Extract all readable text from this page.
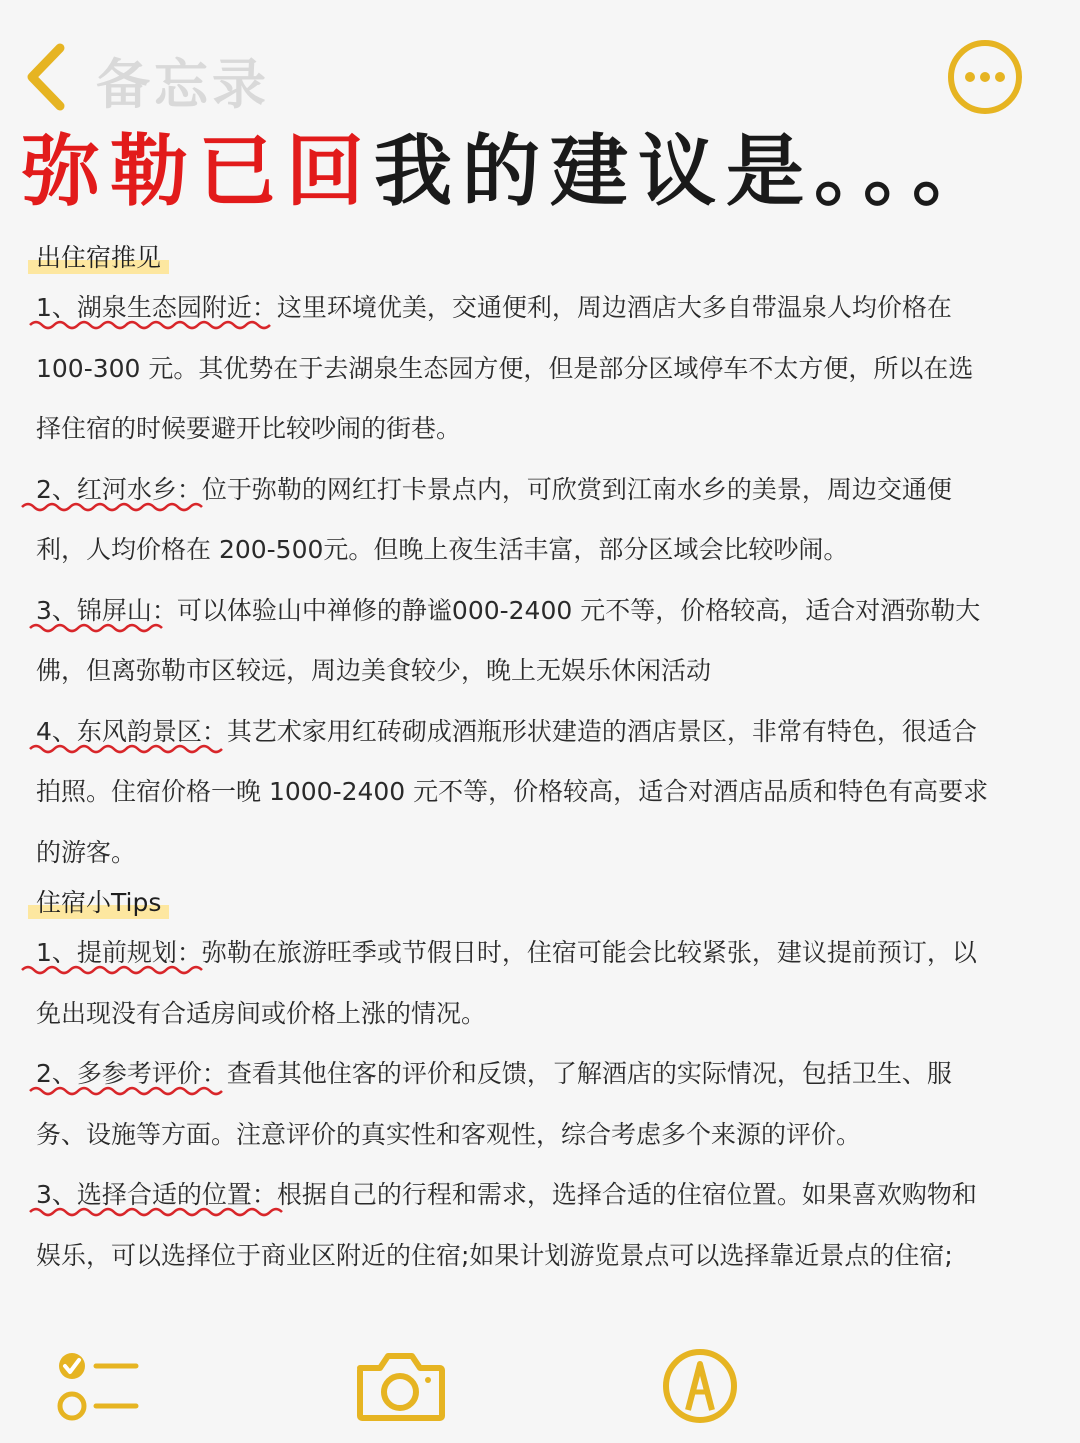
备忘录
弥勒已回我的建议是。。。
出住宿推见

1、湖泉生态园附近：
这里环境优美，交通便利，周边酒店大多自带温泉人均价格在
100-300 元。其优势在于去湖泉生态园方便，但是部分区域停车不太方便，所以在选
择住宿的时候要避开比较吵闹的街巷。

2、红河水乡：
位于弥勒的网红打卡景点内，可欣赏到江南水乡的美景，周边交通便
利，人均价格在 200-500元。但晚上夜生活丰富，部分区域会比较吵闹。

3、锦屏山：
可以体验山中禅修的静谧000-2400 元不等，价格较高，适合对酒弥勒大
佛，但离弥勒市区较远，周边美食较少，晚上无娱乐休闲活动

4、东风韵景区：
其艺术家用红砖砌成酒瓶形状建造的酒店景区，非常有特色，很适合
拍照。住宿价格一晚 1000-2400 元不等，价格较高，适合对酒店品质和特色有高要求
的游客。

住宿小Tips

1、提前规划：
弥勒在旅游旺季或节假日时，住宿可能会比较紧张，建议提前预订，以
免出现没有合适房间或价格上涨的情况。

2、多参考评价：
查看其他住客的评价和反馈，了解酒店的实际情况，包括卫生、服
务、设施等方面。注意评价的真实性和客观性，综合考虑多个来源的评价。

3、选择合适的位置：
根据自己的行程和需求，选择合适的住宿位置。如果喜欢购物和
娱乐，可以选择位于商业区附近的住宿;如果计划游览景点可以选择靠近景点的住宿;
